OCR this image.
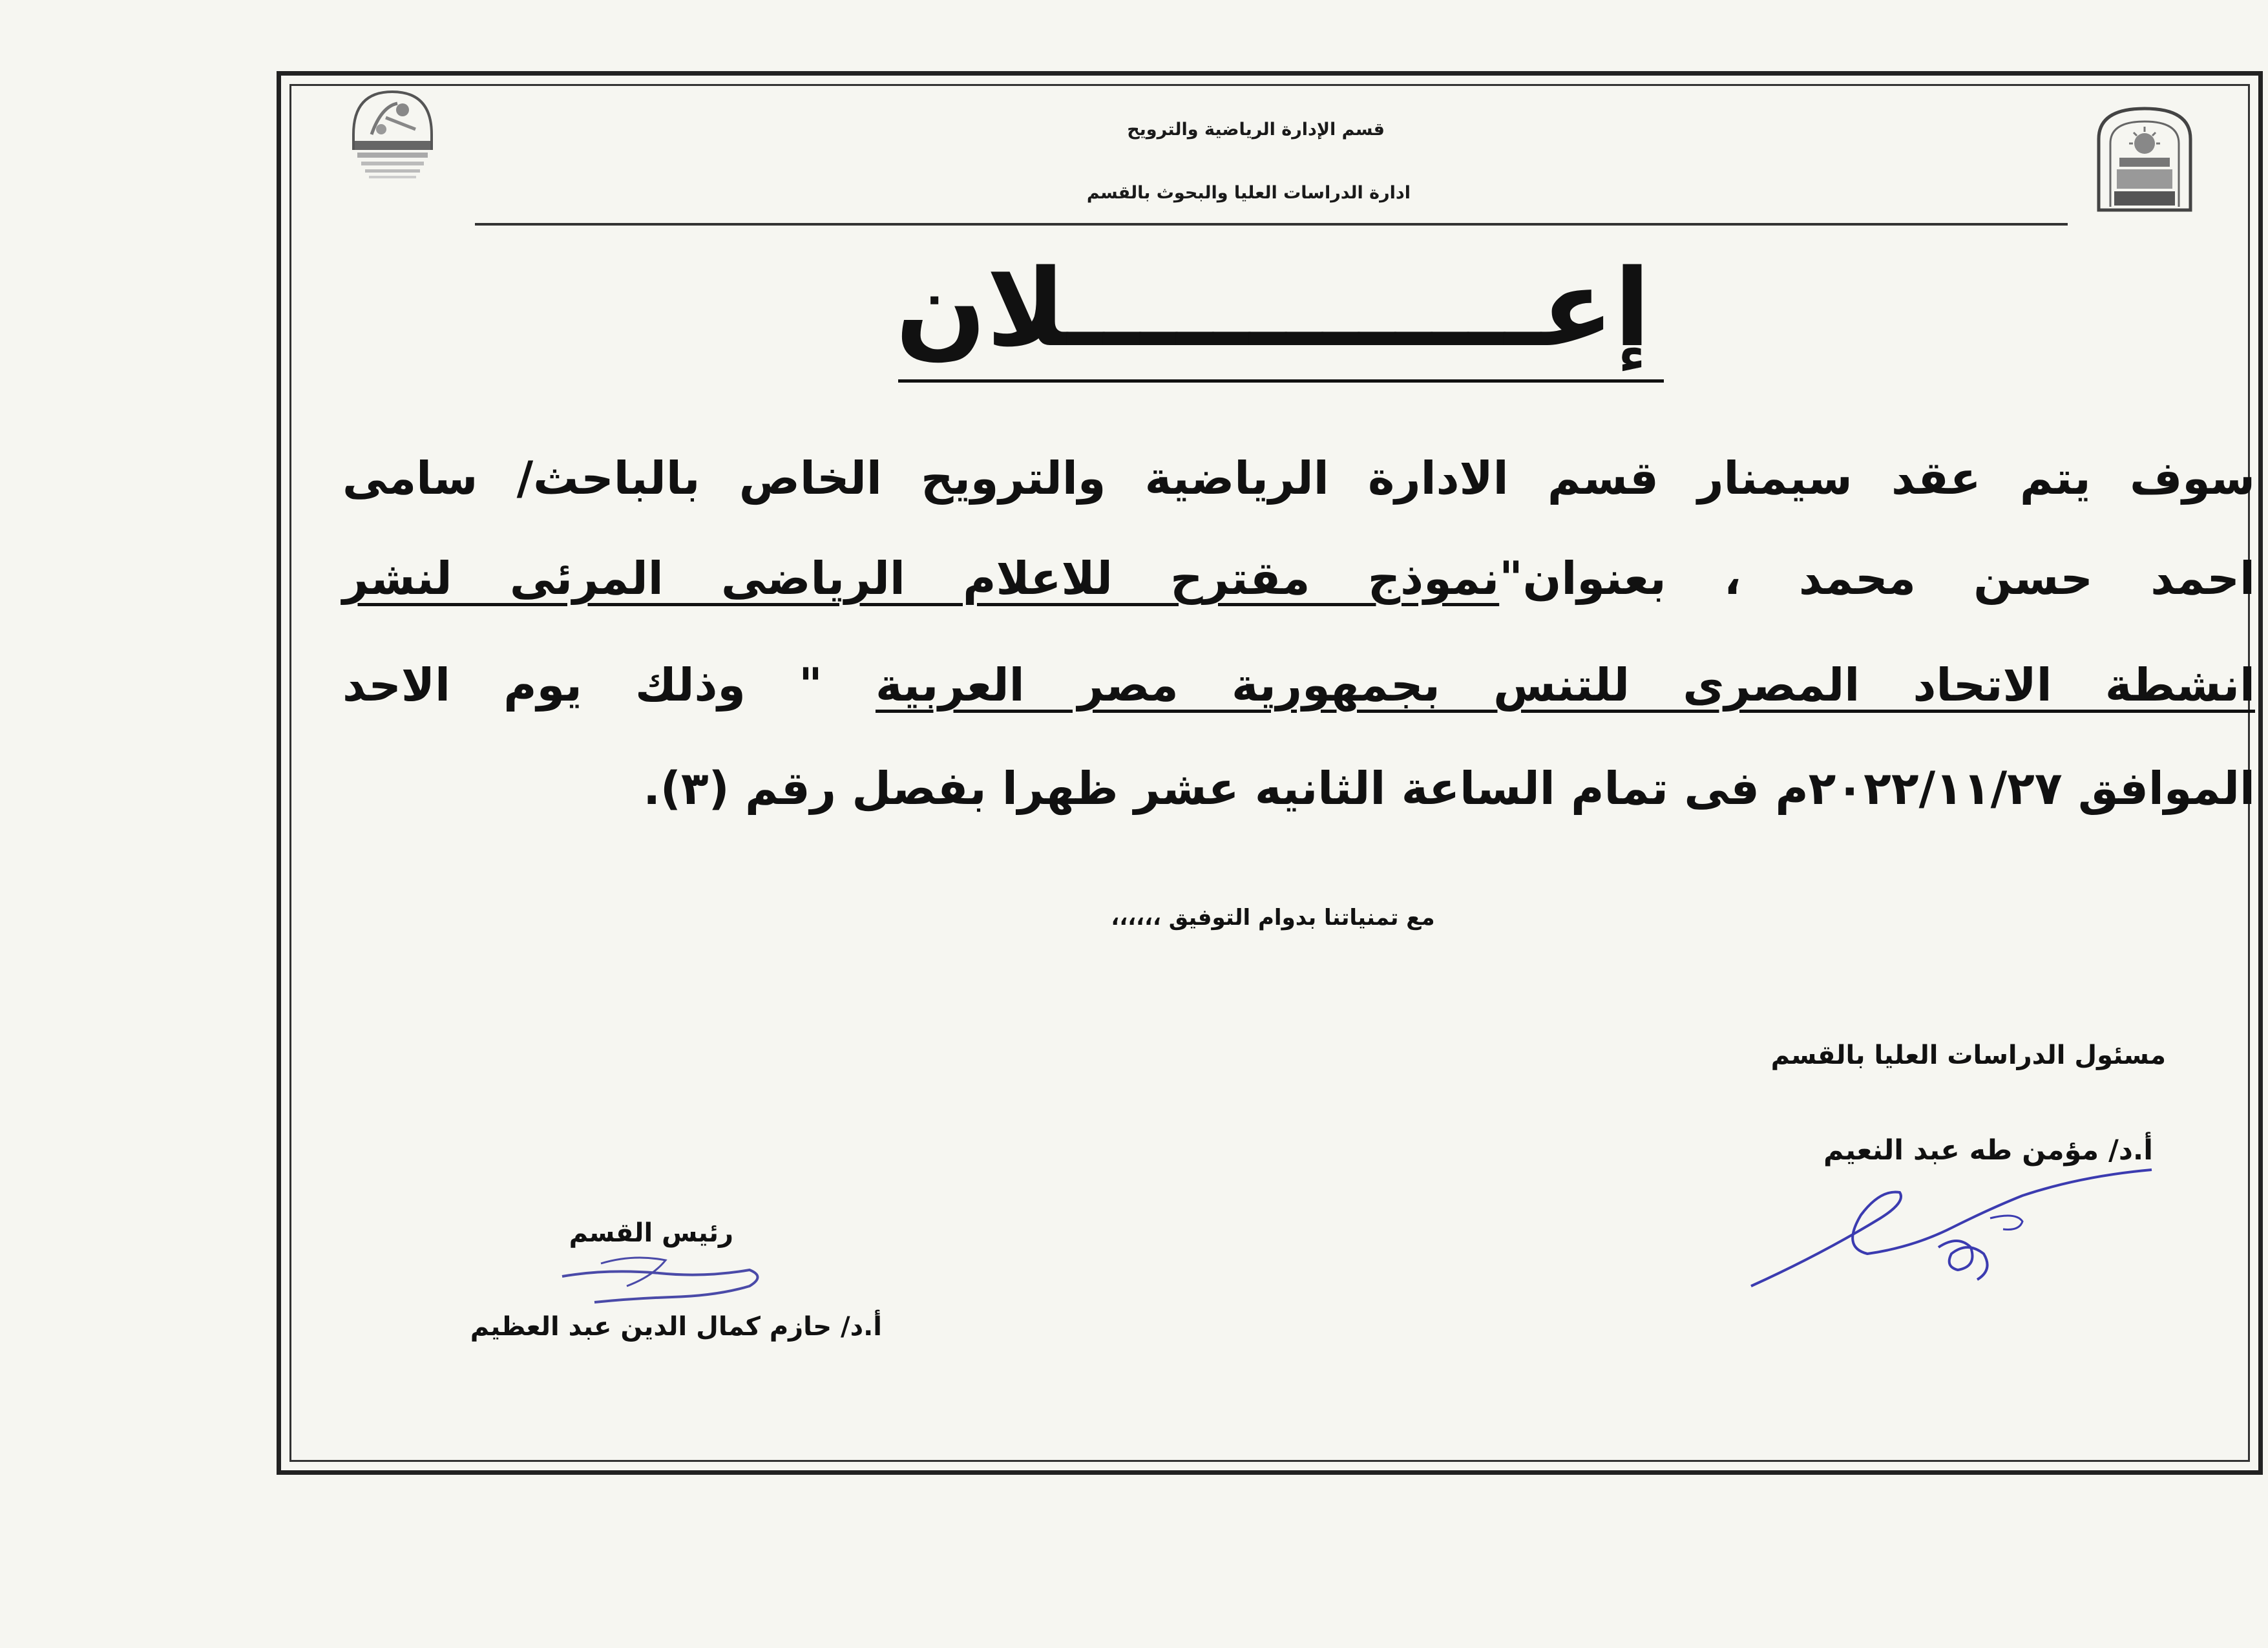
قسم الإدارة الرياضية والترويح
ادارة الدراسات العليا والبحوث بالقسم
إعـــــــــــــلان
سوف يتم عقد سيمنار قسم الادارة الرياضية والترويح الخاص بالباحث/ سامى
احمد حسن محمد ، بعنوان"نموذج مقترح للاعلام الرياضى المرئى لنشر
انشطة الاتحاد المصرى للتنس بجمهورية مصر العربية " وذلك يوم الاحد
الموافق ٢٠٢٢/١١/٢٧م فى تمام الساعة الثانيه عشر ظهرا بفصل رقم (٣).
مع تمنياتنا بدوام التوفيق ،،،،،،
مسئول الدراسات العليا بالقسم
أ.د/ مؤمن طه عبد النعيم
رئيس القسم
أ.د/ حازم كمال الدين عبد العظيم
